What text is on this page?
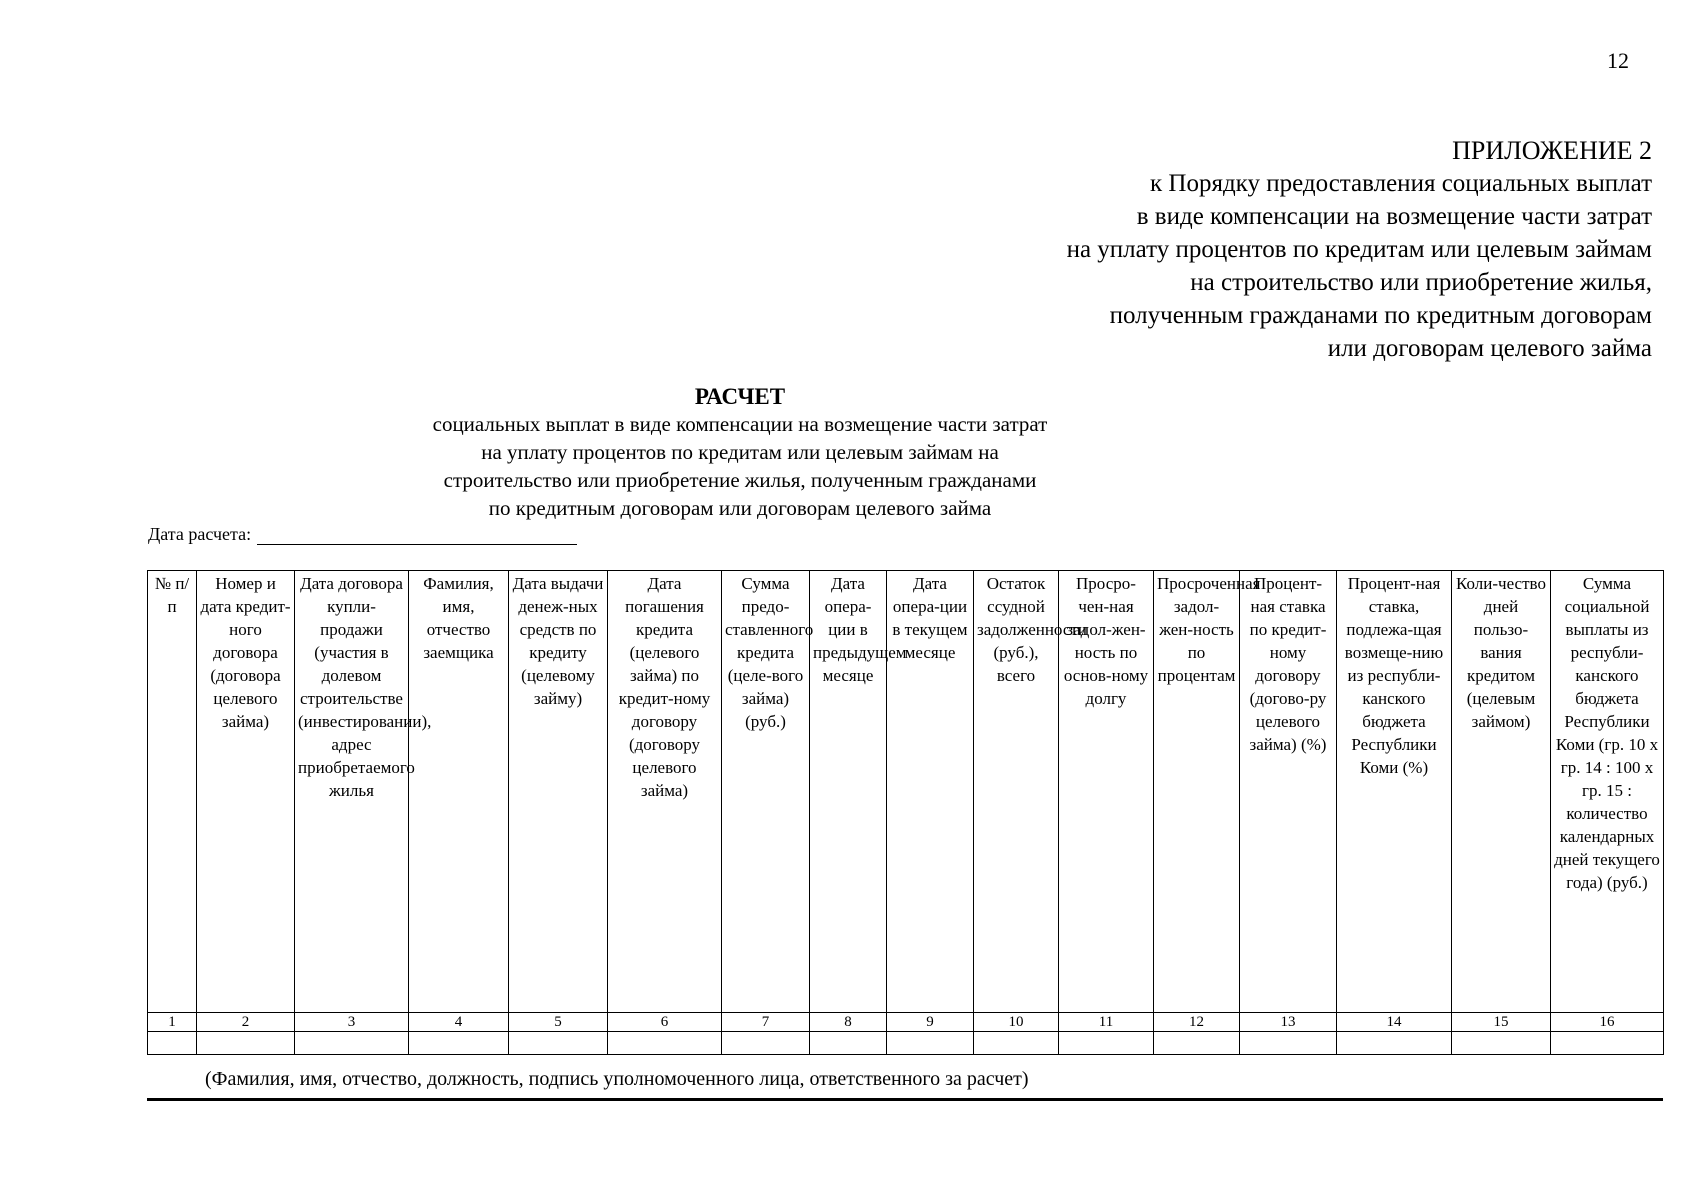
12
ПРИЛОЖЕНИЕ 2
к Порядку предоставления социальных выплат
в виде компенсации на возмещение части затрат
на уплату процентов по кредитам или целевым займам
на строительство или приобретение жилья,
полученным гражданами по кредитным договорам
или договорам целевого займа
РАСЧЕТ
социальных выплат в виде компенсации на возмещение части затрат
на уплату процентов по кредитам или целевым займам на
строительство или приобретение жилья, полученным гражданами
по кредитным договорам или договорам целевого займа
Дата расчета:
№ п/п	Номер и дата кредит-ного договора (договора целевого займа)	Дата договора купли-продажи (участия в долевом строительстве (инвестировании), адрес приобретаемого жилья	Фамилия, имя, отчество заемщика	Дата выдачи денеж-ных средств по кредиту (целевому займу)	Дата погашения кредита (целевого займа) по кредит-ному договору (договору целевого займа)	Сумма предо-ставленного кредита (целе-вого займа) (руб.)	Дата опера-ции в предыдущем месяце	Дата опера-ции в текущем месяце	Остаток ссудной задолженности (руб.), всего	Просро-чен-ная задол-жен-ность по основ-ному долгу	Просроченная задол-жен-ность по процентам	Процент-ная ставка по кредит-ному договору (догово-ру целевого займа) (%)	Процент-ная ставка, подлежа-щая возмеще-нию из республи-канского бюджета Республики Коми (%)	Коли-чество дней пользо-вания кредитом (целевым займом)	Сумма социальной выплаты из республи-канского бюджета Республики Коми (гр. 10 х гр. 14 : 100 х гр. 15 : количество календарных дней текущего года) (руб.)
1	2	3	4	5	6	7	8	9	10	11	12	13	14	15	16

(Фамилия, имя, отчество, должность, подпись уполномоченного лица, ответственного за расчет)
